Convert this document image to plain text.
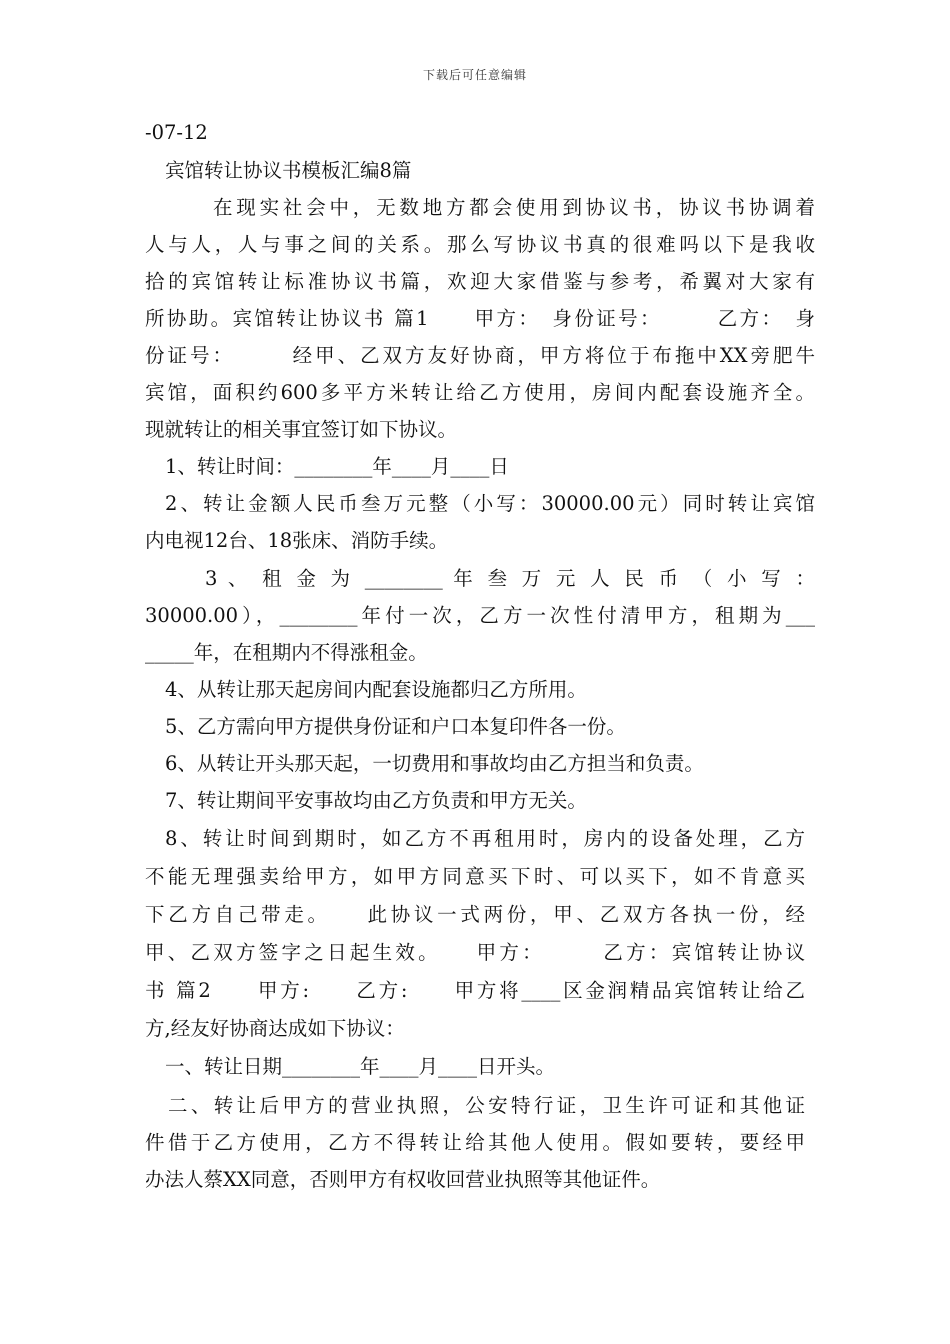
下载后可任意编辑
-07-12
宾馆转让协议书模板汇编8篇
在现实社会中，无数地方都会使用到协议书，协议书协调着
人与人，人与事之间的关系。那么写协议书真的很难吗以下是我收
拾的宾馆转让标准协议书篇，欢迎大家借鉴与参考，希翼对大家有
所协助。宾馆转让协议书 篇1　　甲方：　身份证号：　　　乙方：　身
份证号：　　　经甲、乙双方友好协商，甲方将位于布拖中XX旁肥牛
宾馆，面积约600多平方米转让给乙方使用，房间内配套设施齐全。
现就转让的相关事宜签订如下协议。
1、转让时间：________年____月____日
2、转让金额人民币叁万元整（小写：30000.00元）同时转让宾馆
内电视12台、18张床、消防手续。
3 、 租 金 为 ________ 年 叁 万 元 人 民 币 （ 小 写 ：
30000.00），________年付一次，乙方一次性付清甲方，租期为___
_____年，在租期内不得涨租金。
4、从转让那天起房间内配套设施都归乙方所用。
5、乙方需向甲方提供身份证和户口本复印件各一份。
6、从转让开头那天起，一切费用和事故均由乙方担当和负责。
7、转让期间平安事故均由乙方负责和甲方无关。
8、转让时间到期时，如乙方不再租用时，房内的设备处理，乙方
不能无理强卖给甲方，如甲方同意买下时、可以买下，如不肯意买
下乙方自己带走。　　此协议一式两份，甲、乙双方各执一份，经
甲、乙双方签字之日起生效。　　甲方：　　　乙方：宾馆转让协议
书 篇2　　甲方:　　乙方:　　甲方将____区金润精品宾馆转让给乙
方,经友好协商达成如下协议：
一、转让日期________年____月____日开头。
二、转让后甲方的营业执照，公安特行证，卫生许可证和其他证
件借于乙方使用，乙方不得转让给其他人使用。假如要转，要经甲
办法人蔡XX同意，否则甲方有权收回营业执照等其他证件。
